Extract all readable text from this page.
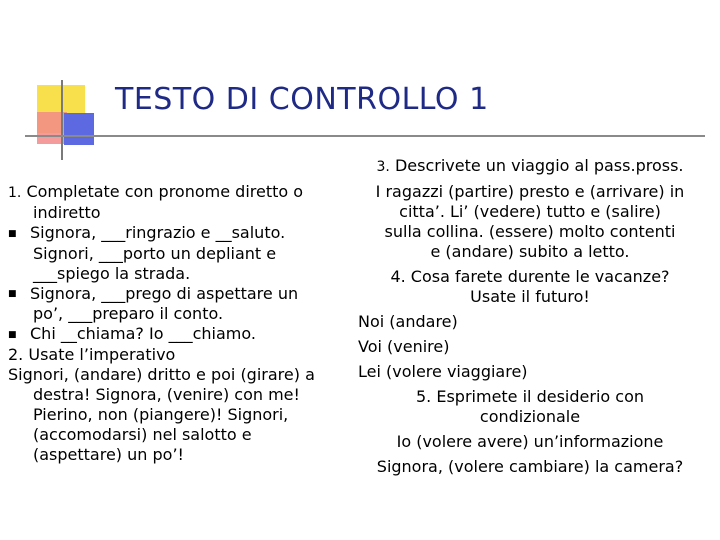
TESTO DI CONTROLLO 1
1. Completate con pronome diretto o
indiretto
■ Signora, ___ringrazio e __saluto.
Signori, ___porto un depliant e
___spiego la strada.
■ Signora, ___prego di aspettare un
po’, ___preparo il conto.
■ Chi __chiama? Io ___chiamo.
2. Usate l’imperativo
Signori, (andare) dritto e poi (girare) a
destra! Signora, (venire) con me!
Pierino, non (piangere)! Signori,
(accomodarsi) nel salotto e
(aspettare) un po’!
3. Descrivete un viaggio al pass.pross.
I ragazzi (partire) presto e (arrivare) in
citta’. Li’ (vedere) tutto e (salire)
sulla collina. (essere) molto contenti
e (andare) subito a letto.
4. Cosa farete durente le vacanze?
Usate il futuro!
Noi (andare)
Voi (venire)
Lei (volere viaggiare)
5. Esprimete il desiderio con
condizionale
Io (volere avere) un’informazione
Signora, (volere cambiare) la camera?
